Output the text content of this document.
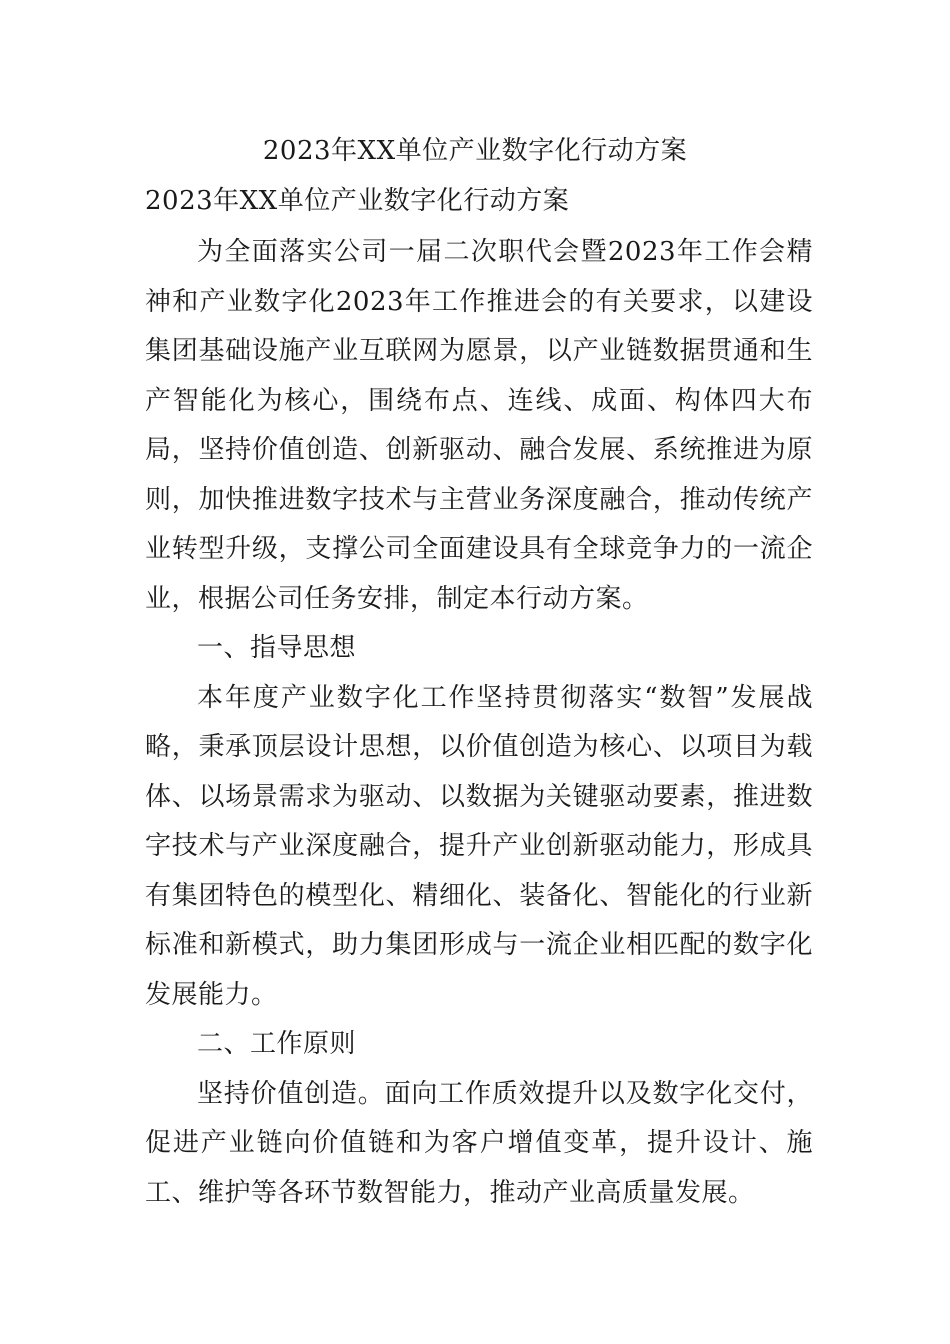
2023年XX单位产业数字化行动方案
2023年XX单位产业数字化行动方案

为全面落实公司一届二次职代会暨2023年工作会精神和产业数字化2023年工作推进会的有关要求，以建设集团基础设施产业互联网为愿景，以产业链数据贯通和生产智能化为核心，围绕布点、连线、成面、构体四大布局，坚持价值创造、创新驱动、融合发展、系统推进为原则，加快推进数字技术与主营业务深度融合，推动传统产业转型升级，支撑公司全面建设具有全球竞争力的一流企业，根据公司任务安排，制定本行动方案。

一、指导思想

本年度产业数字化工作坚持贯彻落实“数智”发展战略，秉承顶层设计思想，以价值创造为核心、以项目为载体、以场景需求为驱动、以数据为关键驱动要素，推进数字技术与产业深度融合，提升产业创新驱动能力，形成具有集团特色的模型化、精细化、装备化、智能化的行业新标准和新模式，助力集团形成与一流企业相匹配的数字化发展能力。

二、工作原则

坚持价值创造。面向工作质效提升以及数字化交付，促进产业链向价值链和为客户增值变革，提升设计、施工、维护等各环节数智能力，推动产业高质量发展。
